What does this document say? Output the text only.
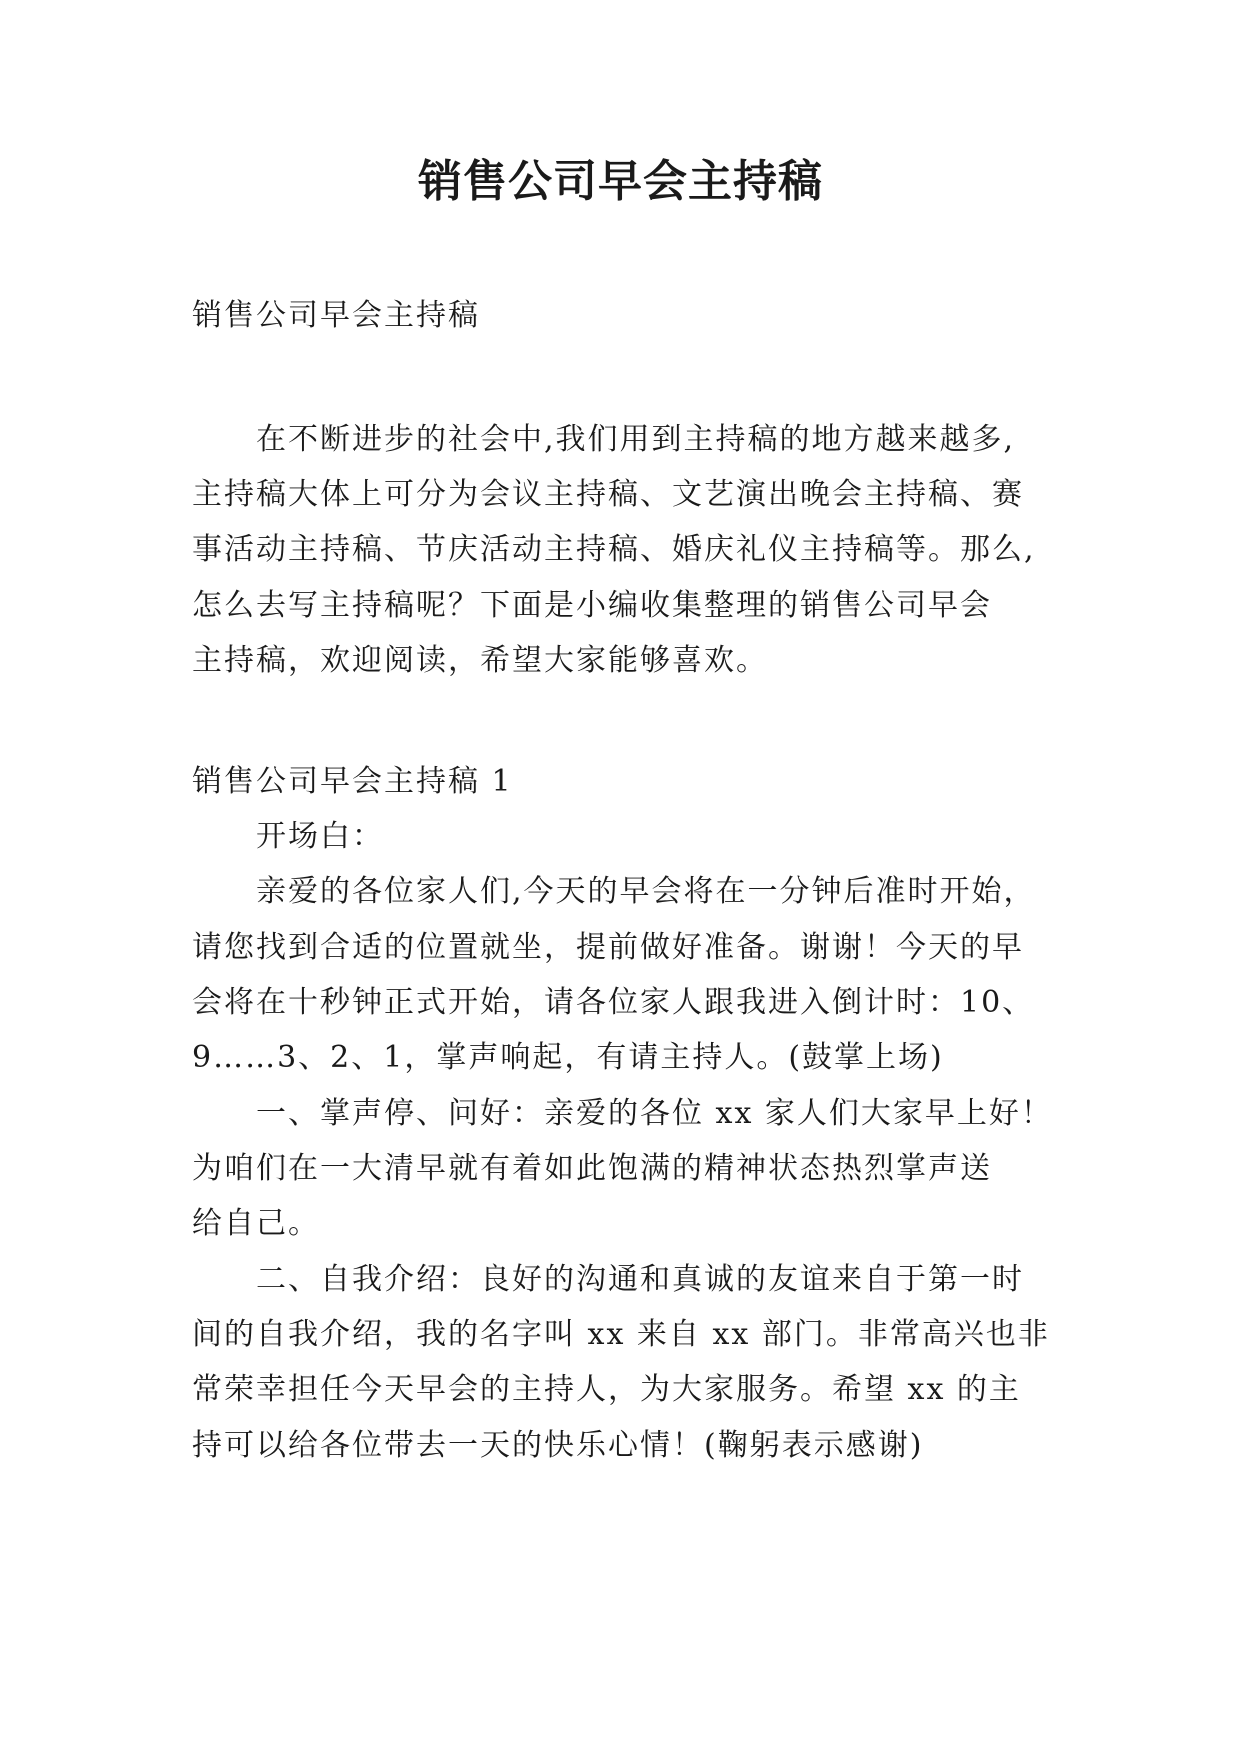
销售公司早会主持稿
销售公司早会主持稿
在不断进步的社会中,我们用到主持稿的地方越来越多,
主持稿大体上可分为会议主持稿、文艺演出晚会主持稿、赛
事活动主持稿、节庆活动主持稿、婚庆礼仪主持稿等。那么,
怎么去写主持稿呢？下面是小编收集整理的销售公司早会
主持稿，欢迎阅读，希望大家能够喜欢。
销售公司早会主持稿 1
开场白：
亲爱的各位家人们,今天的早会将在一分钟后准时开始，
请您找到合适的位置就坐，提前做好准备。谢谢！今天的早
会将在十秒钟正式开始，请各位家人跟我进入倒计时：10、
9……3、2、1，掌声响起，有请主持人。(鼓掌上场)
一、掌声停、问好：亲爱的各位 xx 家人们大家早上好！
为咱们在一大清早就有着如此饱满的精神状态热烈掌声送
给自己。
二、自我介绍：良好的沟通和真诚的友谊来自于第一时
间的自我介绍，我的名字叫 xx 来自 xx 部门。非常高兴也非
常荣幸担任今天早会的主持人，为大家服务。希望 xx 的主
持可以给各位带去一天的快乐心情！(鞠躬表示感谢)
